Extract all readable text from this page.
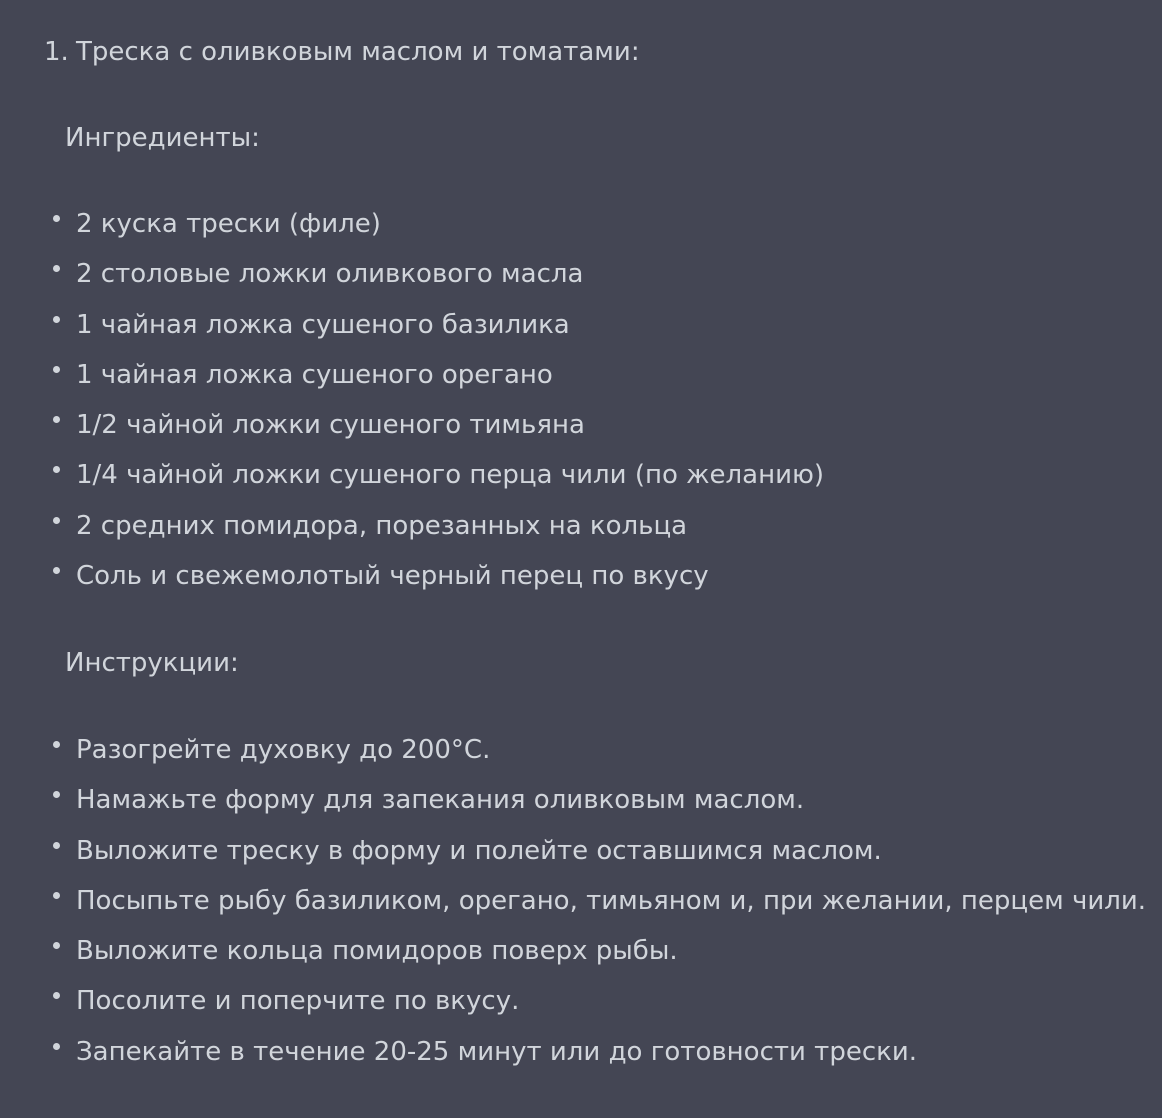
1. Треска с оливковым маслом и томатами:
Ингредиенты:
2 куска трески (филе)
2 столовые ложки оливкового масла
1 чайная ложка сушеного базилика
1 чайная ложка сушеного орегано
1/2 чайной ложки сушеного тимьяна
1/4 чайной ложки сушеного перца чили (по желанию)
2 средних помидора, порезанных на кольца
Соль и свежемолотый черный перец по вкусу
Инструкции:
Разогрейте духовку до 200°C.
Намажьте форму для запекания оливковым маслом.
Выложите треску в форму и полейте оставшимся маслом.
Посыпьте рыбу базиликом, орегано, тимьяном и, при желании, перцем чили.
Выложите кольца помидоров поверх рыбы.
Посолите и поперчите по вкусу.
Запекайте в течение 20-25 минут или до готовности трески.
